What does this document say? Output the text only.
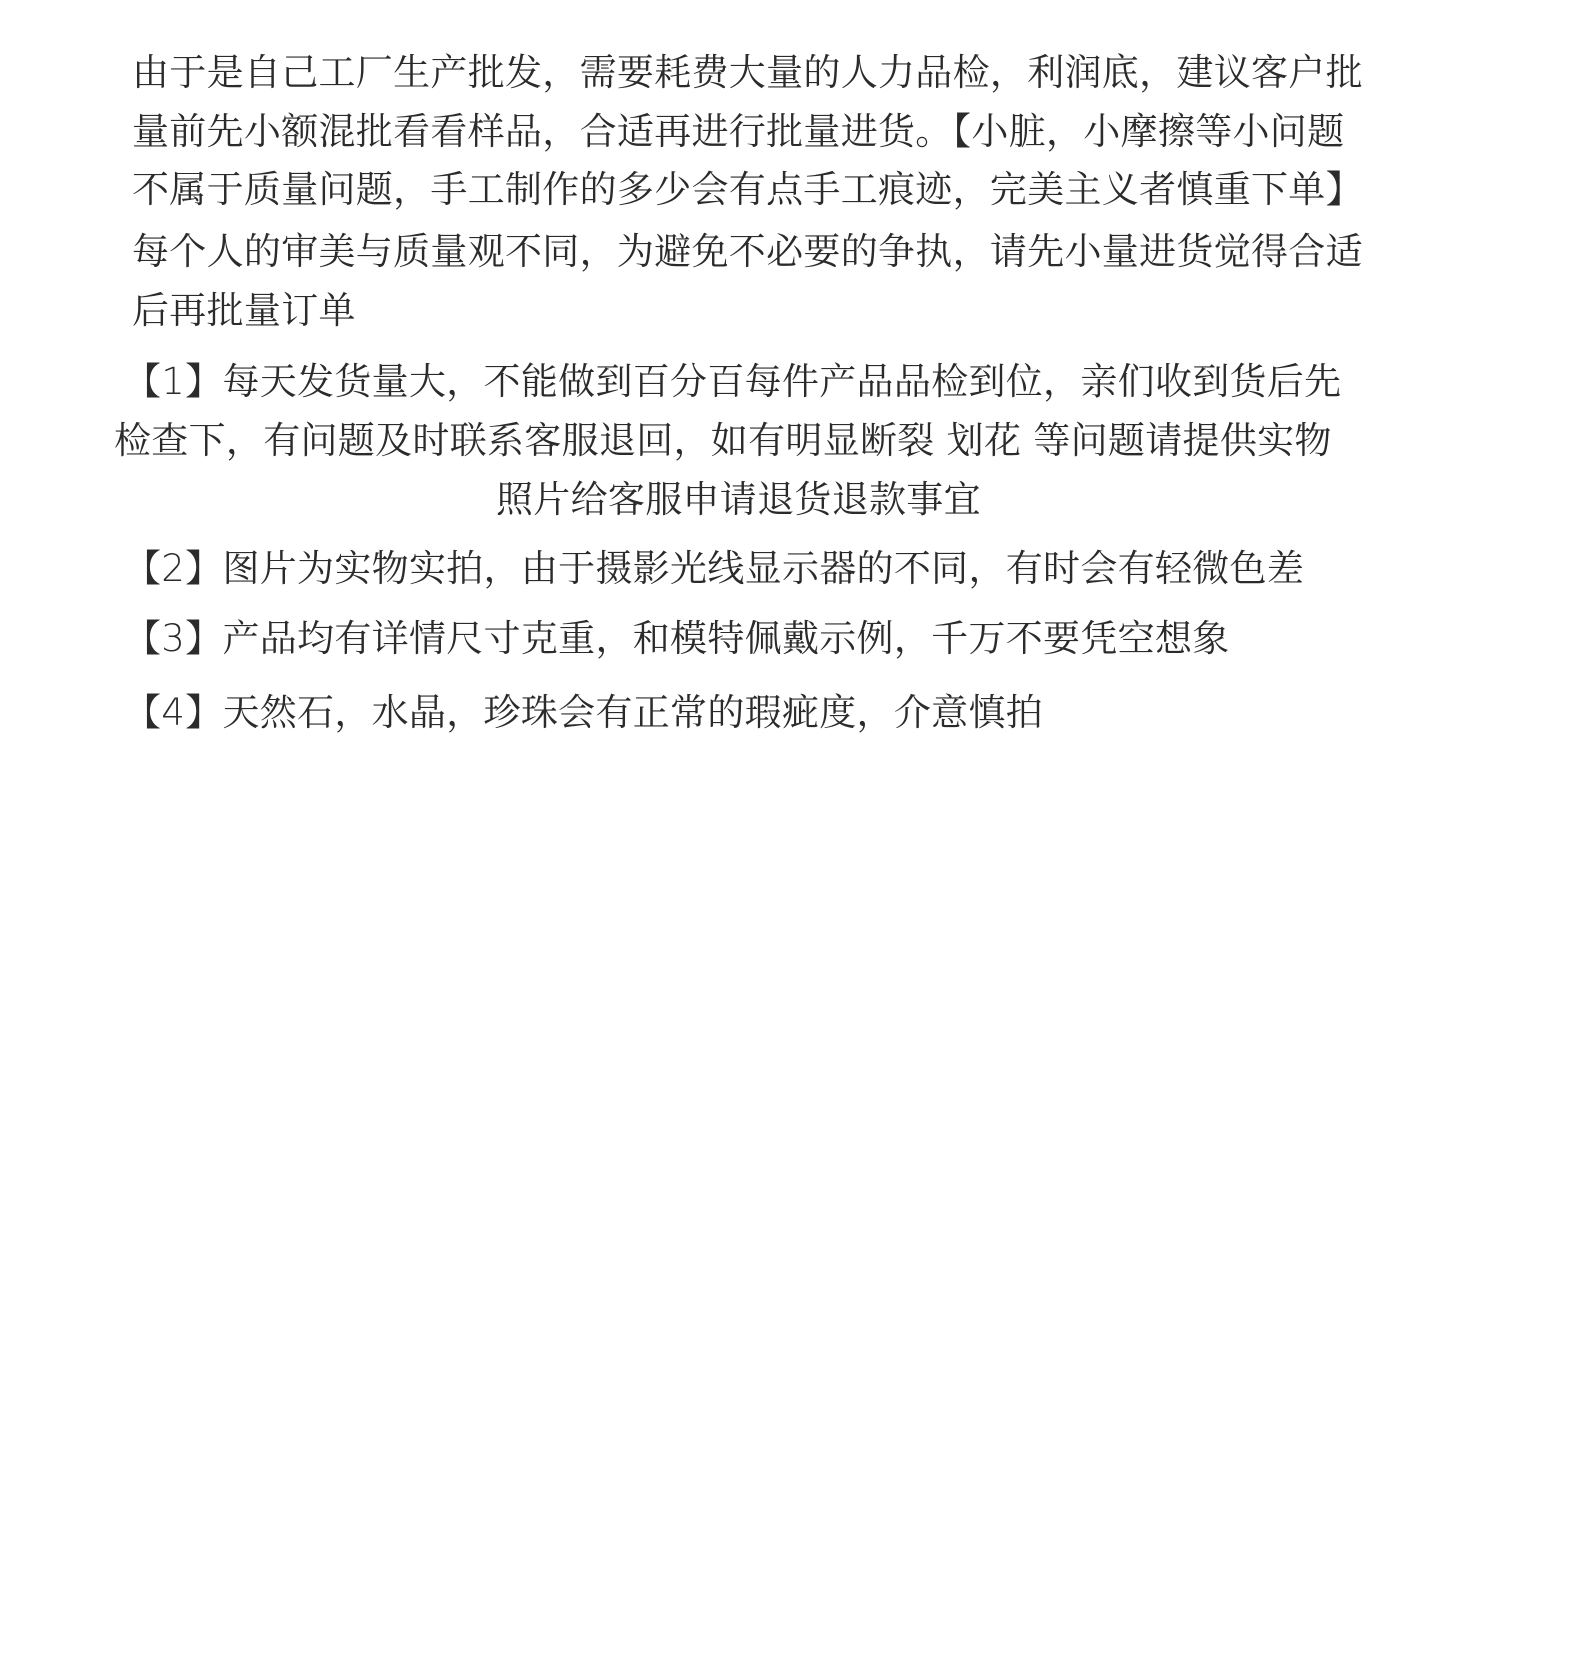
由于是自己工厂生产批发，需要耗费大量的人力品检，利润底，建议客户批
量前先小额混批看看样品，合适再进行批量进货。【小脏，小摩擦等小问题
不属于质量问题，手工制作的多少会有点手工痕迹，完美主义者慎重下单】
每个人的审美与质量观不同，为避免不必要的争执，请先小量进货觉得合适
后再批量订单
【1】每天发货量大，不能做到百分百每件产品品检到位，亲们收到货后先
检查下，有问题及时联系客服退回，如有明显断裂 划花 等问题请提供实物
照片给客服申请退货退款事宜
【2】图片为实物实拍，由于摄影光线显示器的不同，有时会有轻微色差
【3】产品均有详情尺寸克重，和模特佩戴示例，千万不要凭空想象
【4】天然石，水晶，珍珠会有正常的瑕疵度，介意慎拍
